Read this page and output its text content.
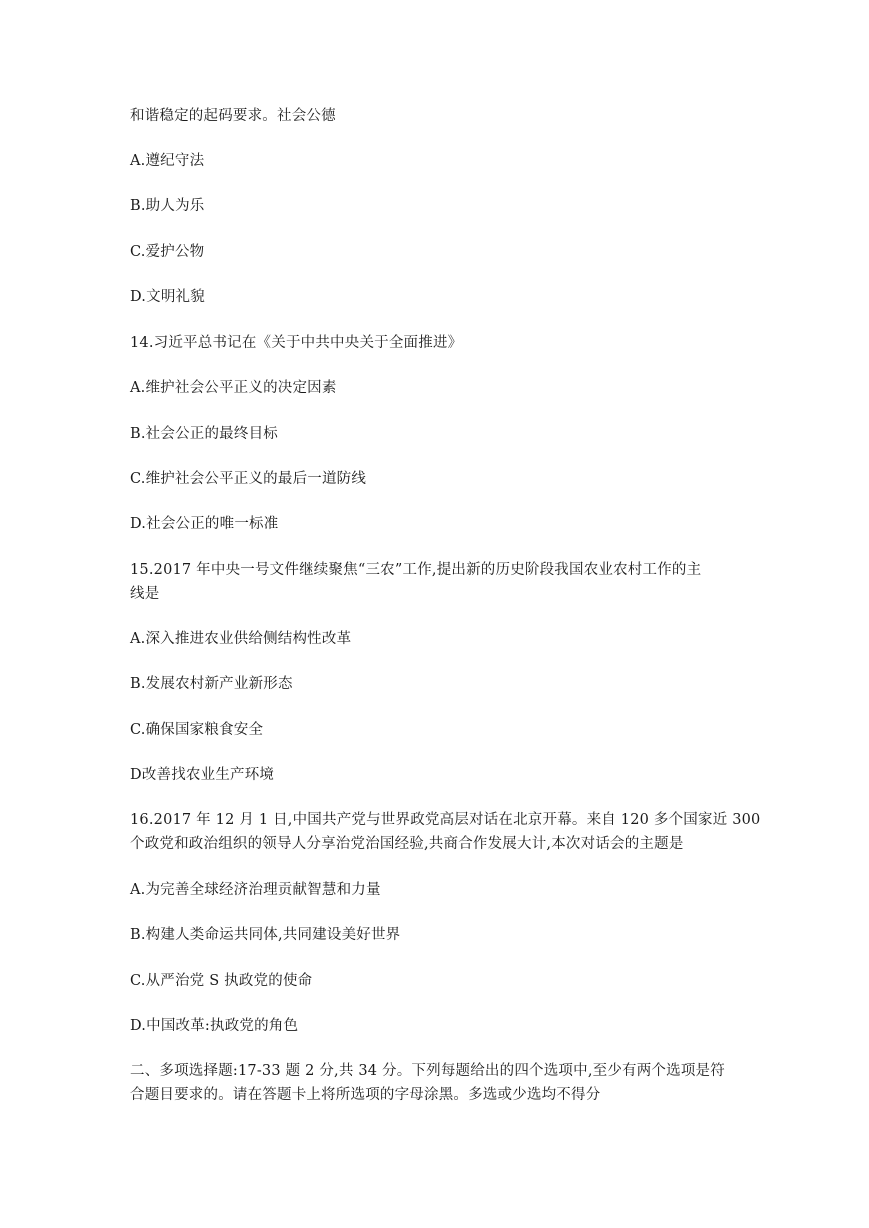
和谐稳定的起码要求。社会公德
A.遵纪守法
B.助人为乐
C.爱护公物
D.文明礼貌
14.习近平总书记在《关于中共中央关于全面推进》
A.维护社会公平正义的决定因素
B.社会公正的最终目标
C.维护社会公平正义的最后一道防线
D.社会公正的唯一标准
15.2017 年中央一号文件继续聚焦“三农”工作,提出新的历史阶段我国农业农村工作的主
线是
A.深入推进农业供给侧结构性改革
B.发展农村新产业新形态
C.确保国家粮食安全
D改善找农业生产环境
16.2017 年 12 月 1 日,中国共产党与世界政党高层对话在北京开幕。来自 120 多个国家近 300
个政党和政治组织的领导人分享治党治国经验,共商合作发展大计,本次对话会的主题是
A.为完善全球经济治理贡献智慧和力量
B.构建人类命运共同体,共同建设美好世界
C.从严治党 S 执政党的使命
D.中国改革:执政党的角色
二、多项选择题:17-33 题 2 分,共 34 分。下列每题给出的四个选项中,至少有两个选项是符
合题目要求的。请在答题卡上将所选项的字母涂黑。多选或少选均不得分
